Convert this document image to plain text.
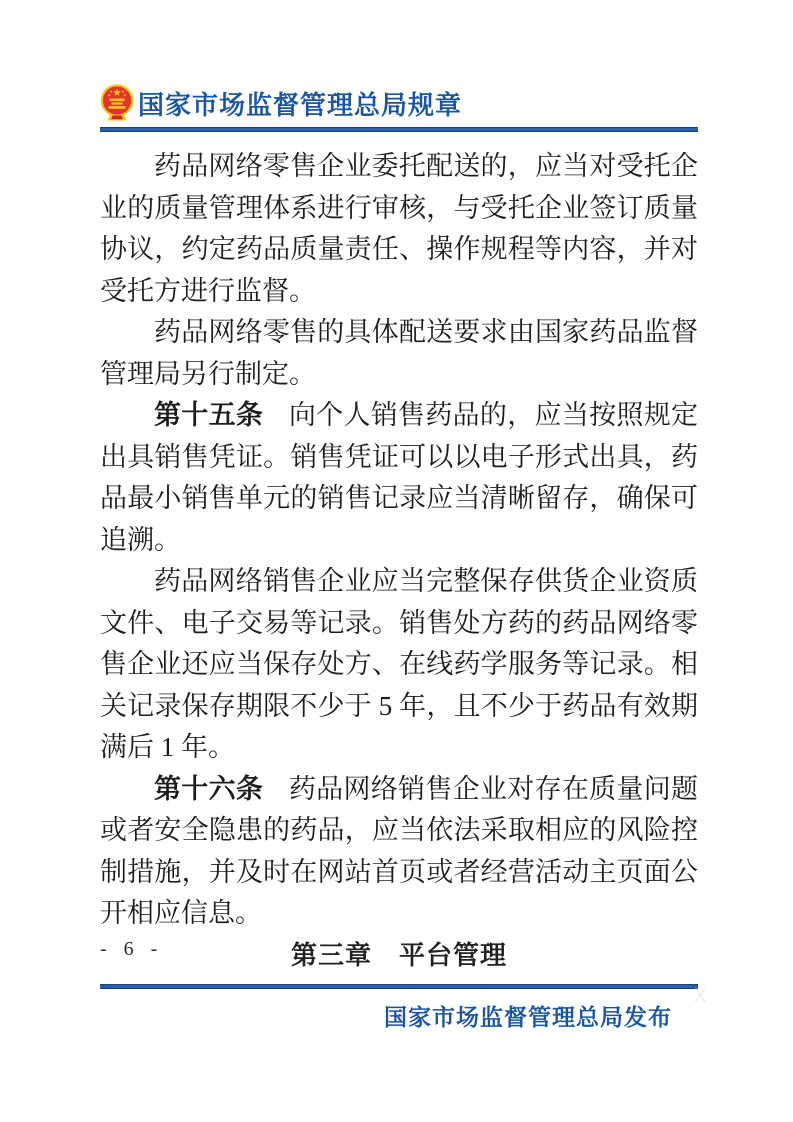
国家市场监督管理总局规章

药品网络零售企业委托配送的，应当对受托企业的质量管理体系进行审核，与受托企业签订质量协议，约定药品质量责任、操作规程等内容，并对受托方进行监督。

药品网络零售的具体配送要求由国家药品监督管理局另行制定。

第十五条 向个人销售药品的，应当按照规定出具销售凭证。销售凭证可以以电子形式出具，药品最小销售单元的销售记录应当清晰留存，确保可追溯。

药品网络销售企业应当完整保存供货企业资质文件、电子交易等记录。销售处方药的药品网络零售企业还应当保存处方、在线药学服务等记录。相关记录保存期限不少于 5 年，且不少于药品有效期满后 1 年。

第十六条 药品网络销售企业对存在质量问题或者安全隐患的药品，应当依法采取相应的风险控制措施，并及时在网站首页或者经营活动主页面公开相应信息。

第三章　平台管理

- 6 -
X
国家市场监督管理总局发布
